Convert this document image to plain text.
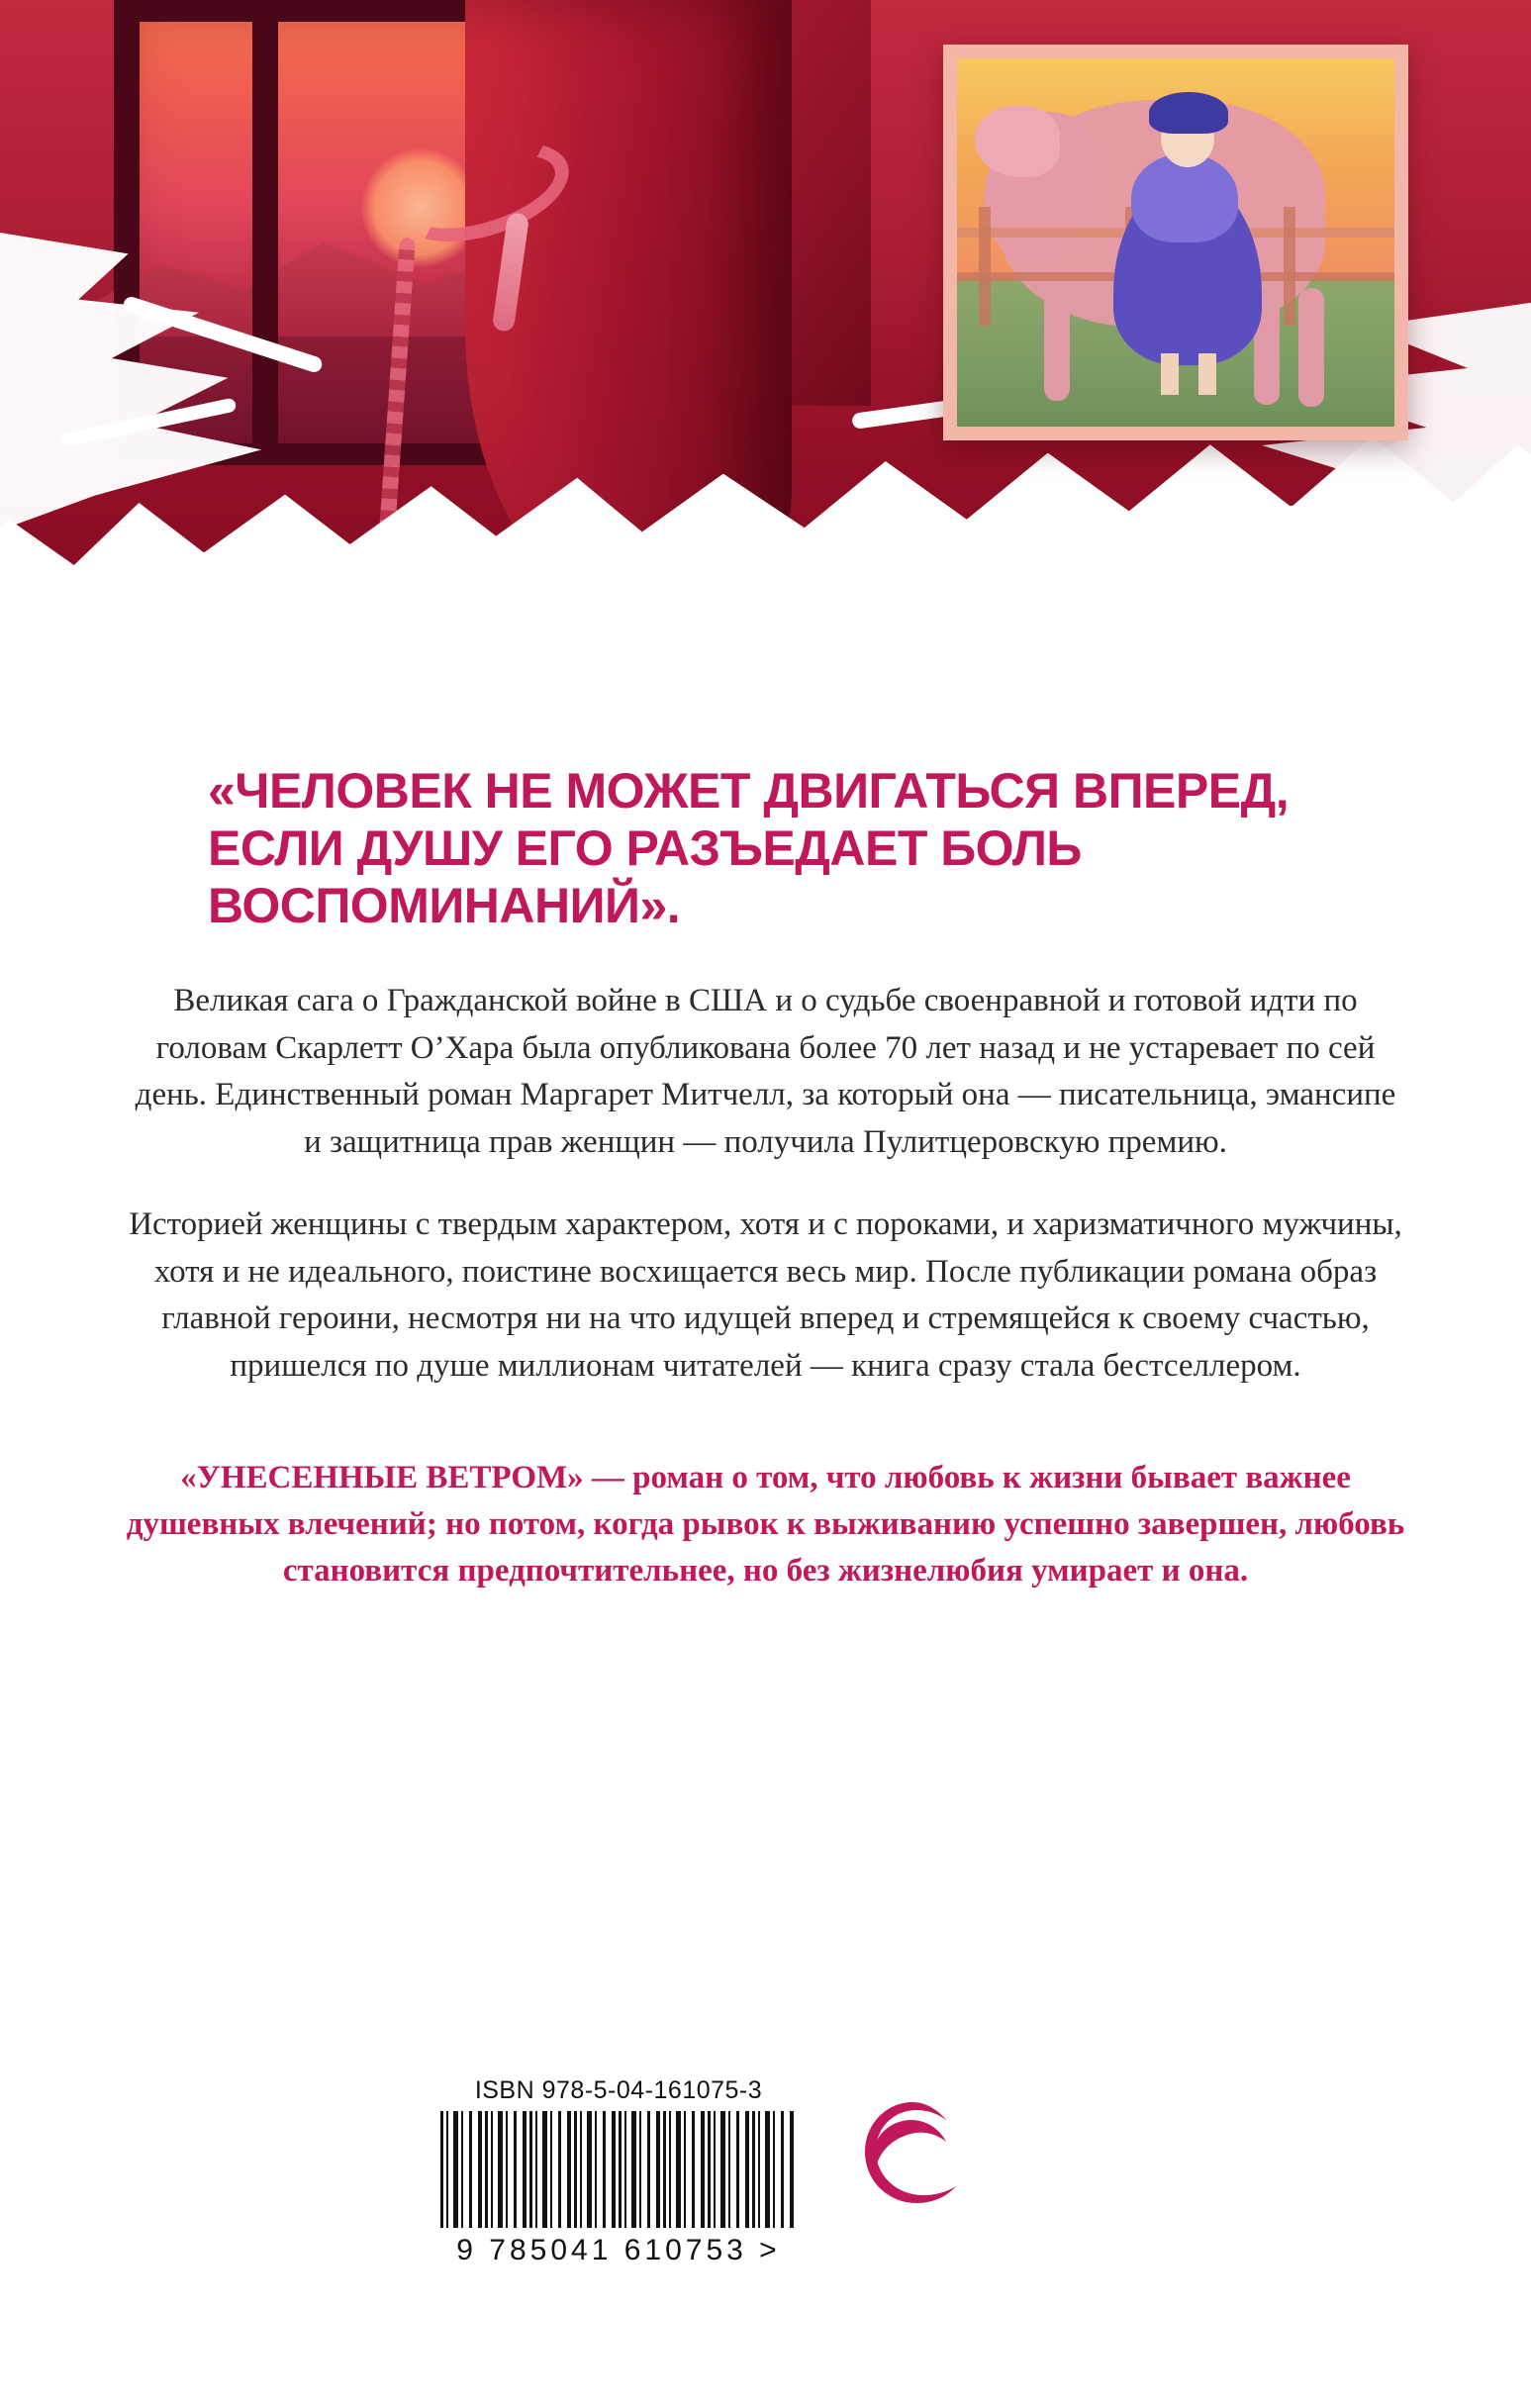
«ЧЕЛОВЕК НЕ МОЖЕТ ДВИГАТЬСЯ ВПЕРЕД, ЕСЛИ ДУШУ ЕГО РАЗЪЕДАЕТ БОЛЬ ВОСПОМИНАНИЙ».

Великая сага о Гражданской войне в США и о судьбе своенравной и готовой идти по головам Скарлетт О’Хара была опубликована более 70 лет назад и не устаревает по сей день. Единственный роман Маргарет Митчелл, за который она — писательница, эмансипе и защитница прав женщин — получила Пулитцеровскую премию.

Историей женщины с твердым характером, хотя и с пороками, и харизматичного мужчины, хотя и не идеального, поистине восхищается весь мир. После публикации романа образ главной героини, несмотря ни на что идущей вперед и стремящейся к своему счастью, пришелся по душе миллионам читателей — книга сразу стала бестселлером.

«УНЕСЕННЫЕ ВЕТРОМ» — роман о том, что любовь к жизни бывает важнее душевных влечений; но потом, когда рывок к выживанию успешно завершен, любовь становится предпочтительнее, но без жизнелюбия умирает и она.

ISBN 978-5-04-161075-3
9 785041 610753 >
